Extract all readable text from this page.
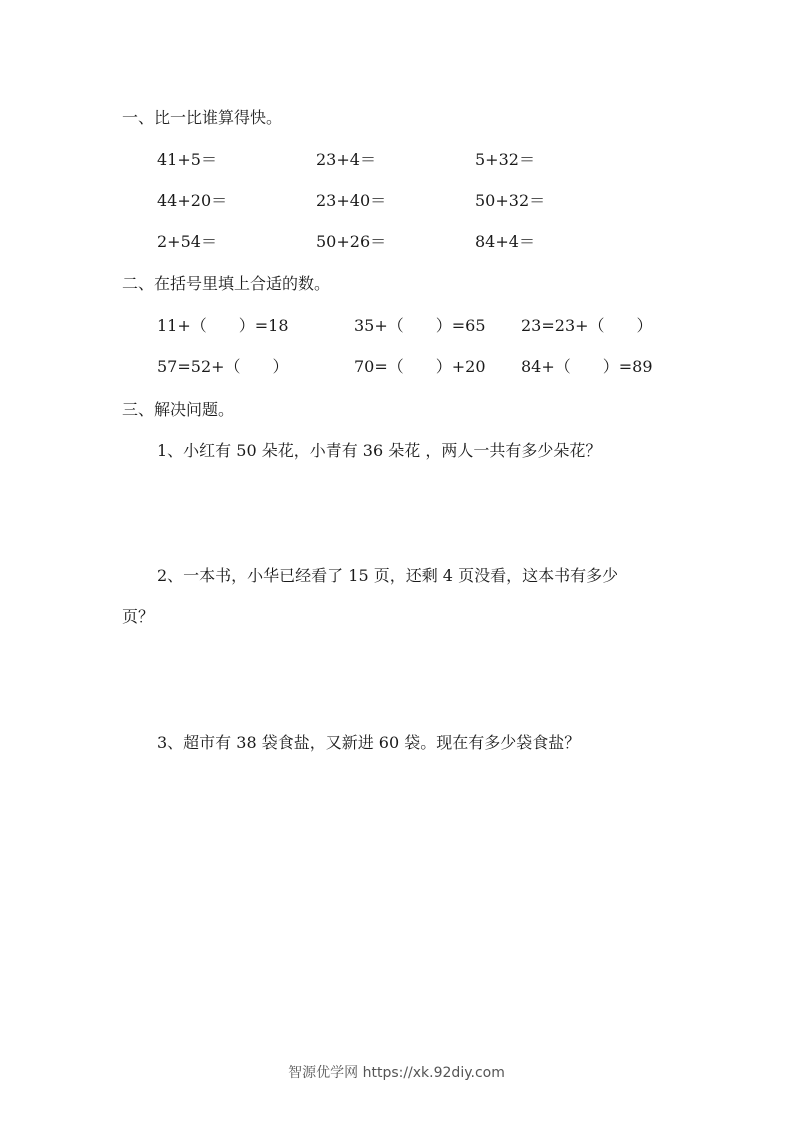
一、比一比谁算得快。
41+5＝	23+4＝	5+32＝
44+20＝	23+40＝	50+32＝
2+54＝	50+26＝	84+4＝
二、在括号里填上合适的数。
11+（　　）=18	35+（　　）=65 23=23+（　　）
57=52+（　　）	70=（　　）+20 84+（　　）=89
三、解决问题。
1、小红有 50 朵花，小青有 36 朵花 ，两人一共有多少朵花？
2、一本书，小华已经看了 15 页，还剩 4 页没看，这本书有多少
页？
3、超市有 38 袋食盐，又新进 60 袋。现在有多少袋食盐？
智源优学网 https://xk.92diy.com
